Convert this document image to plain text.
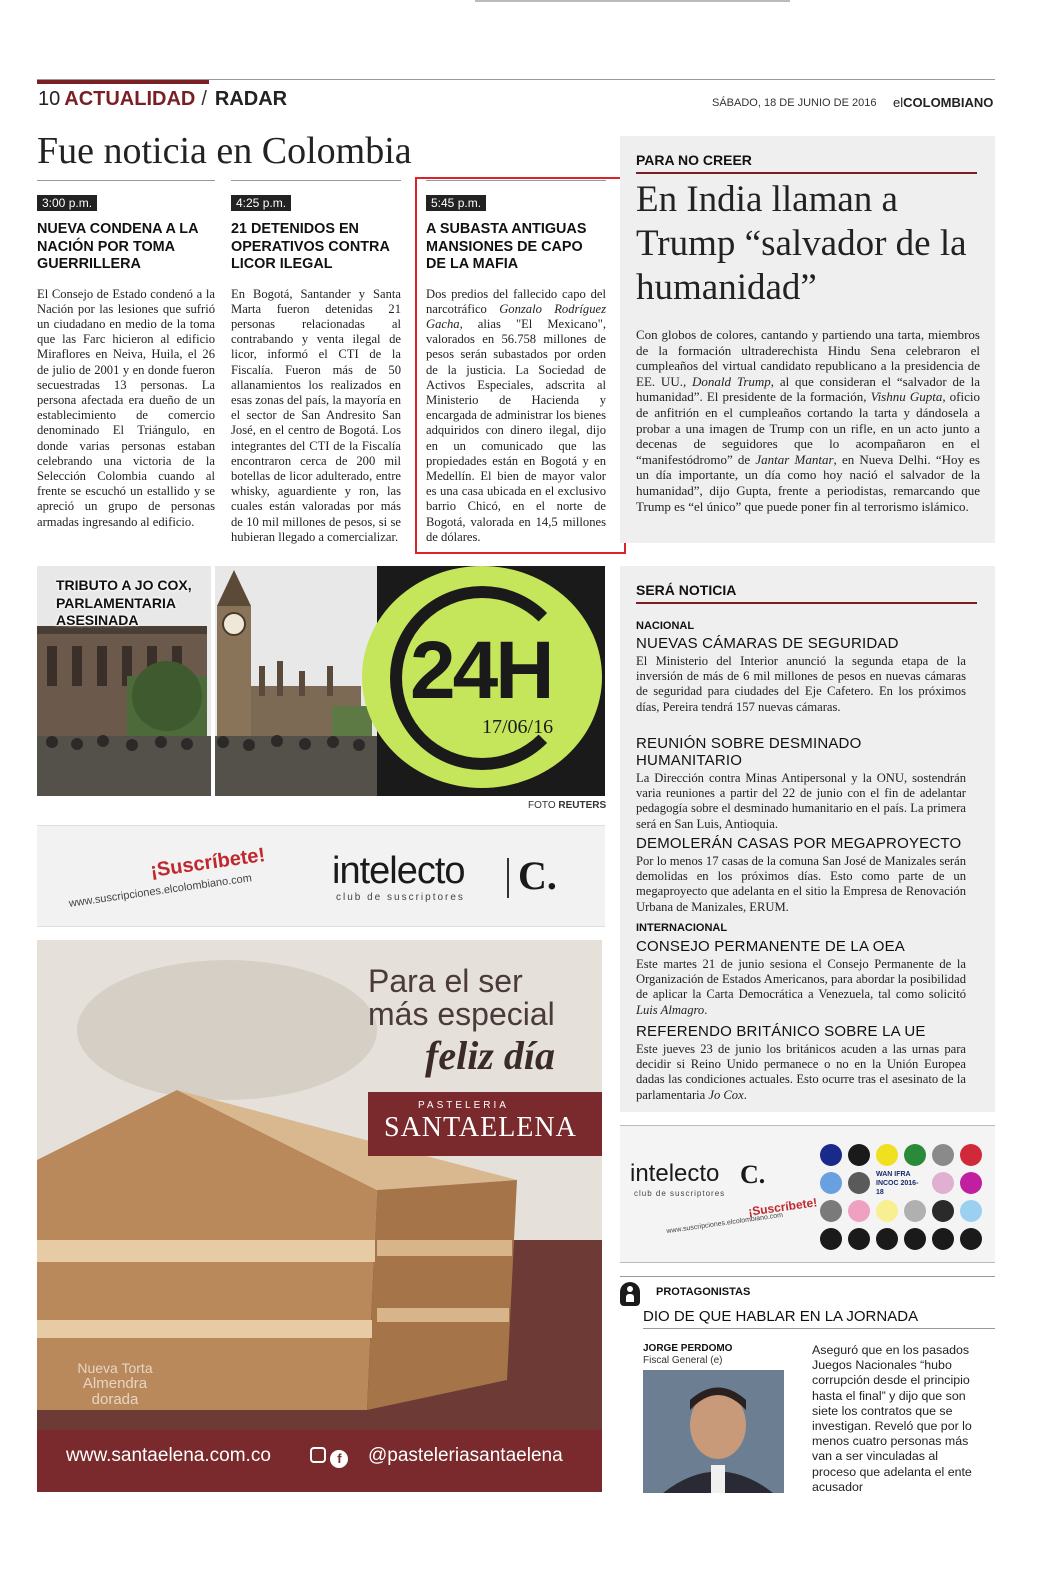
10 ACTUALIDAD / RADAR	SÁBADO, 18 DE JUNIO DE 2016 elCOLOMBIANO
Fue noticia en Colombia
3:00 p.m.
NUEVA CONDENA A LA NACIÓN POR TOMA GUERRILLERA
El Consejo de Estado condenó a la Nación por las lesiones que sufrió un ciudadano en medio de la toma que las Farc hicieron al edificio Miraflores en Neiva, Huila, el 26 de julio de 2001 y en donde fueron secuestradas 13 personas. La persona afectada era dueño de un establecimiento de comercio denominado El Triángulo, en donde varias personas estaban celebrando una victoria de la Selección Colombia cuando al frente se escuchó un estallido y se apreció un grupo de personas armadas ingresando al edificio.
4:25 p.m.
21 DETENIDOS EN OPERATIVOS CONTRA LICOR ILEGAL
En Bogotá, Santander y Santa Marta fueron detenidas 21 personas relacionadas al contrabando y venta ilegal de licor, informó el CTI de la Fiscalía. Fueron más de 50 allanamientos los realizados en esas zonas del país, la mayoría en el sector de San Andresito San José, en el centro de Bogotá. Los integrantes del CTI de la Fiscalía encontraron cerca de 200 mil botellas de licor adulterado, entre whisky, aguardiente y ron, las cuales están valoradas por más de 10 mil millones de pesos, si se hubieran llegado a comercializar.
5:45 p.m.
A SUBASTA ANTIGUAS MANSIONES DE CAPO DE LA MAFIA
Dos predios del fallecido capo del narcotráfico Gonzalo Rodríguez Gacha, alias "El Mexicano", valorados en 56.758 millones de pesos serán subastados por orden de la justicia. La Sociedad de Activos Especiales, adscrita al Ministerio de Hacienda y encargada de administrar los bienes adquiridos con dinero ilegal, dijo en un comunicado que las propiedades están en Bogotá y en Medellín. El bien de mayor valor es una casa ubicada en el exclusivo barrio Chicó, en el norte de Bogotá, valorada en 14,5 millones de dólares.
PARA NO CREER
En India llaman a Trump “salvador de la humanidad”
Con globos de colores, cantando y partiendo una tarta, miembros de la formación ultraderechista Hindu Sena celebraron el cumpleaños del virtual candidato republicano a la presidencia de EE. UU., Donald Trump, al que consideran el “salvador de la humanidad”. El presidente de la formación, Vishnu Gupta, oficio de anfitrión en el cumpleaños cortando la tarta y dándosela a probar a una imagen de Trump con un rifle, en un acto junto a decenas de seguidores que lo acompañaron en el “manifestódromo” de Jantar Mantar, en Nueva Delhi. “Hoy es un día importante, un día como hoy nació el salvador de la humanidad”, dijo Gupta, frente a periodistas, remarcando que Trump es “el único” que puede poner fin al terrorismo islámico.
TRIBUTO A JO COX, PARLAMENTARIA ASESINADA
24H
17/06/16
FOTO REUTERS
¡Suscríbete!
www.suscripciones.elcolombiano.com intelecto
club de suscriptores C.
Para el ser
más especial
feliz día
PASTELERIA
SANTAELENA
Nueva Torta
Almendra
dorada
www.santaelena.com.co	f	@pasteleriasantaelena
SERÁ NOTICIA
NACIONAL
NUEVAS CÁMARAS DE SEGURIDAD
El Ministerio del Interior anunció la segunda etapa de la inversión de más de 6 mil millones de pesos en nuevas cámaras de seguridad para ciudades del Eje Cafetero. En los próximos días, Pereira tendrá 157 nuevas cámaras.
REUNIÓN SOBRE DESMINADO HUMANITARIO
La Dirección contra Minas Antipersonal y la ONU, sostendrán varia reuniones a partir del 22 de junio con el fin de adelantar pedagogía sobre el desminado humanitario en el país. La primera será en San Luis, Antioquia.
DEMOLERÁN CASAS POR MEGAPROYECTO
Por lo menos 17 casas de la comuna San José de Manizales serán demolidas en los próximos días. Esto como parte de un megaproyecto que adelanta en el sitio la Empresa de Renovación Urbana de Manizales, ERUM.
INTERNACIONAL
CONSEJO PERMANENTE DE LA OEA
Este martes 21 de junio sesiona el Consejo Permanente de la Organización de Estados Americanos, para abordar la posibilidad de aplicar la Carta Democrática a Venezuela, tal como solicitó Luis Almagro.
REFERENDO BRITÁNICO SOBRE LA UE
Este jueves 23 de junio los británicos acuden a las urnas para decidir si Reino Unido permanece o no en la Unión Europea dadas las condiciones actuales. Esto ocurre tras el asesinato de la parlamentaria Jo Cox.
intelecto
club de suscriptores
C.
¡Suscríbete!
www.suscripciones.elcolombiano.com
WAN IFRA
INCOC 2016-18
PROTAGONISTAS
DIO DE QUE HABLAR EN LA JORNADA
JORGE PERDOMO
Fiscal General (e)
Aseguró que en los pasados Juegos Nacionales “hubo corrupción desde el principio hasta el final” y dijo que son siete los contratos que se investigan. Reveló que por lo menos cuatro personas más van a ser vinculadas al proceso que adelanta el ente acusador
